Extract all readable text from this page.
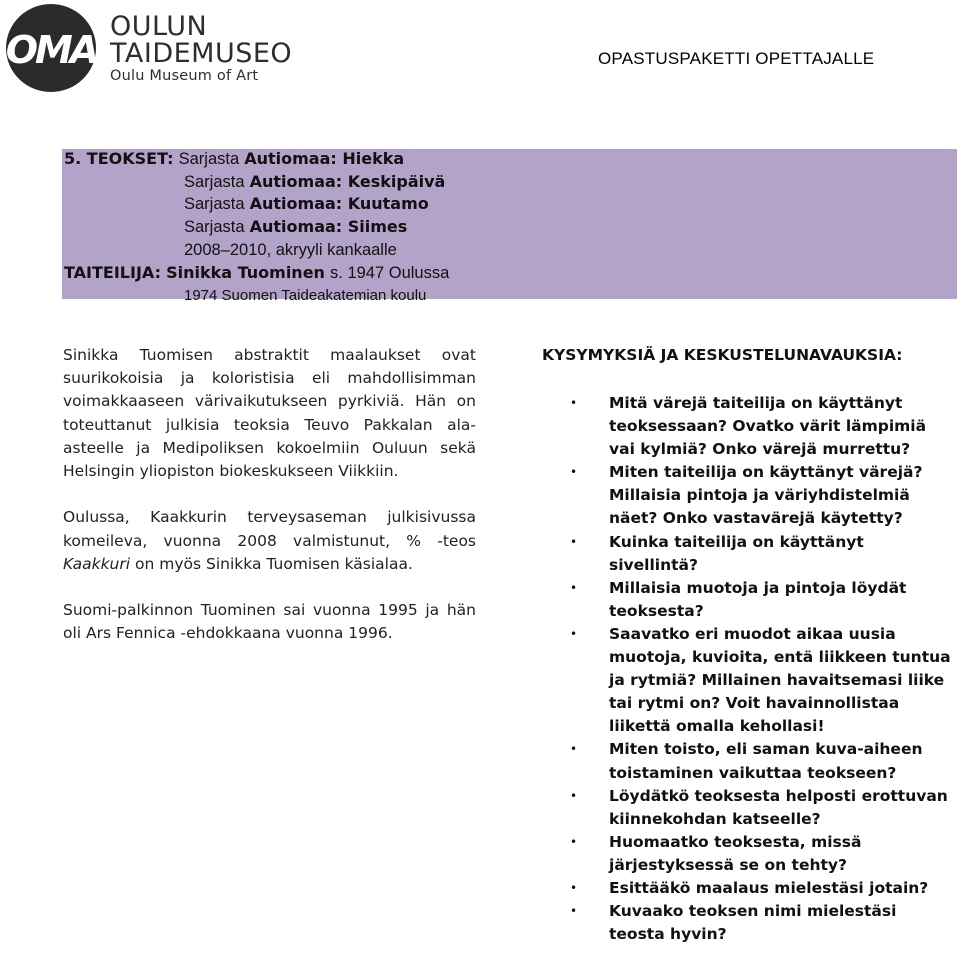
OMA
OULUN
TAIDEMUSEO
Oulu Museum of Art
OPASTUSPAKETTI OPETTAJALLE
5. TEOKSET: Sarjasta Autiomaa: Hiekka
Sarjasta Autiomaa: Keskipäivä
Sarjasta Autiomaa: Kuutamo
Sarjasta Autiomaa: Siimes
2008–2010, akryyli kankaalle
TAITEILIJA: Sinikka Tuominen s. 1947 Oulussa
1974 Suomen Taideakatemian koulu

Sinikka Tuomisen abstraktit maalaukset ovat suurikokoisia ja koloristisia eli mahdollisimman voimakkaaseen värivaikutukseen pyrkiviä. Hän on toteuttanut julkisia teoksia Teuvo Pakkalan ala-asteelle ja Medipoliksen kokoelmiin Ouluun sekä Helsingin yliopiston biokeskukseen Viikkiin.

Oulussa, Kaakkurin terveysaseman julkisivussa komeileva, vuonna 2008 valmistunut, % -teos Kaakkuri on myös Sinikka Tuomisen käsialaa.

Suomi-palkinnon Tuominen sai vuonna 1995 ja hän oli Ars Fennica -ehdokkaana vuonna 1996.

KYSYMYKSIÄ JA KESKUSTELUNAVAUKSIA:
• Mitä värejä taiteilija on käyttänyt teoksessaan? Ovatko värit lämpimiä vai kylmiä? Onko värejä murrettu?
• Miten taiteilija on käyttänyt värejä? Millaisia pintoja ja väriyhdistelmiä näet? Onko vastavärejä käytetty?
• Kuinka taiteilija on käyttänyt sivellintä?
• Millaisia muotoja ja pintoja löydät teoksesta?
• Saavatko eri muodot aikaa uusia muotoja, kuvioita, entä liikkeen tuntua ja rytmiä? Millainen havaitsemasi liike tai rytmi on? Voit havainnollistaa liikettä omalla kehollasi!
• Miten toisto, eli saman kuva-aiheen toistaminen vaikuttaa teokseen?
• Löydätkö teoksesta helposti erottuvan kiinnekohdan katseelle?
• Huomaatko teoksesta, missä järjestyksessä se on tehty?
• Esittääkö maalaus mielestäsi jotain?
• Kuvaako teoksen nimi mielestäsi teosta hyvin?
